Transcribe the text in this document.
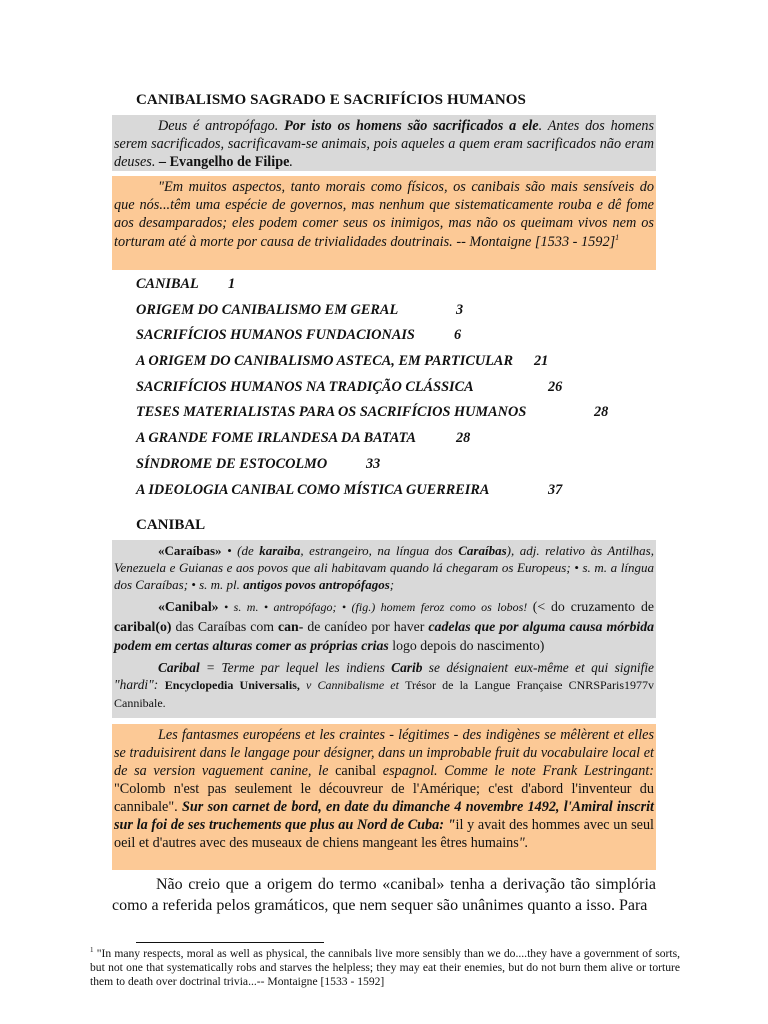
CANIBALISMO SAGRADO E SACRIFÍCIOS HUMANOS
Deus é antropófago. Por isto os homens são sacrificados a ele. Antes dos homens serem sacrificados, sacrificavam-se animais, pois aqueles a quem eram sacrificados não eram deuses. – Evangelho de Filipe.
"Em muitos aspectos, tanto morais como físicos, os canibais são mais sensíveis do que nós...têm uma espécie de governos, mas nenhum que sistematicamente rouba e dê fome aos desamparados; eles podem comer seus os inimigos, mas não os queimam vivos nem os torturam até à morte por causa de trivialidades doutrinais. -- Montaigne [1533 - 1592]$^1$
CANIBAL 1
ORIGEM DO CANIBALISMO EM GERAL	3
SACRIFÍCIOS HUMANOS FUNDACIONAIS	6
A ORIGEM DO CANIBALISMO ASTECA, EM PARTICULAR 21
SACRIFÍCIOS HUMANOS NA TRADIÇÃO CLÁSSICA	26
TESES MATERIALISTAS PARA OS SACRIFÍCIOS HUMANOS	28
A GRANDE FOME IRLANDESA DA BATATA	28
SÍNDROME DE ESTOCOLMO	33
A IDEOLOGIA CANIBAL COMO MÍSTICA GUERREIRA	37
CANIBAL

«Caraíbas» • (de karaiba, estrangeiro, na língua dos Caraíbas), adj. relativo às Antilhas, Venezuela e Guianas e aos povos que ali habitavam quando lá chegaram os Europeus; • s. m. a língua dos Caraíbas; • s. m. pl. antigos povos antropófagos;

«Canibal» • s. m. • antropófago; • (fig.) homem feroz como os lobos! (< do cruzamento de caribal(o) das Caraíbas com can- de canídeo por haver cadelas que por alguma causa mórbida podem em certas alturas comer as próprias crias logo depois do nascimento)

Caribal = Terme par lequel les indiens Carib se désignaient eux-même et qui signifie "hardi": Encyclopedia Universalis, v Cannibalisme et Trésor de la Langue Française CNRSParis1977v Cannibale.

Les fantasmes européens et les craintes - légitimes - des indigènes se mêlèrent et elles se traduisirent dans le langage pour désigner, dans un improbable fruit du vocabulaire local et de sa version vaguement canine, le canibal espagnol. Comme le note Frank Lestringant: "Colomb n'est pas seulement le découvreur de l'Amérique; c'est d'abord l'inventeur du cannibale". Sur son carnet de bord, en date du dimanche 4 novembre 1492, l'Amiral inscrit sur la foi de ses truchements que plus au Nord de Cuba: "il y avait des hommes avec un seul oeil et d'autres avec des museaux de chiens mangeant les êtres humains".
Não creio que a origem do termo «canibal» tenha a derivação tão simplória como a referida pelos gramáticos, que nem sequer são unânimes quanto a isso. Para
$^1$ "In many respects, moral as well as physical, the cannibals live more sensibly than we do....they have a government of sorts, but not one that systematically robs and starves the helpless; they may eat their enemies, but do not burn them alive or torture them to death over doctrinal trivia...-- Montaigne [1533 - 1592]
